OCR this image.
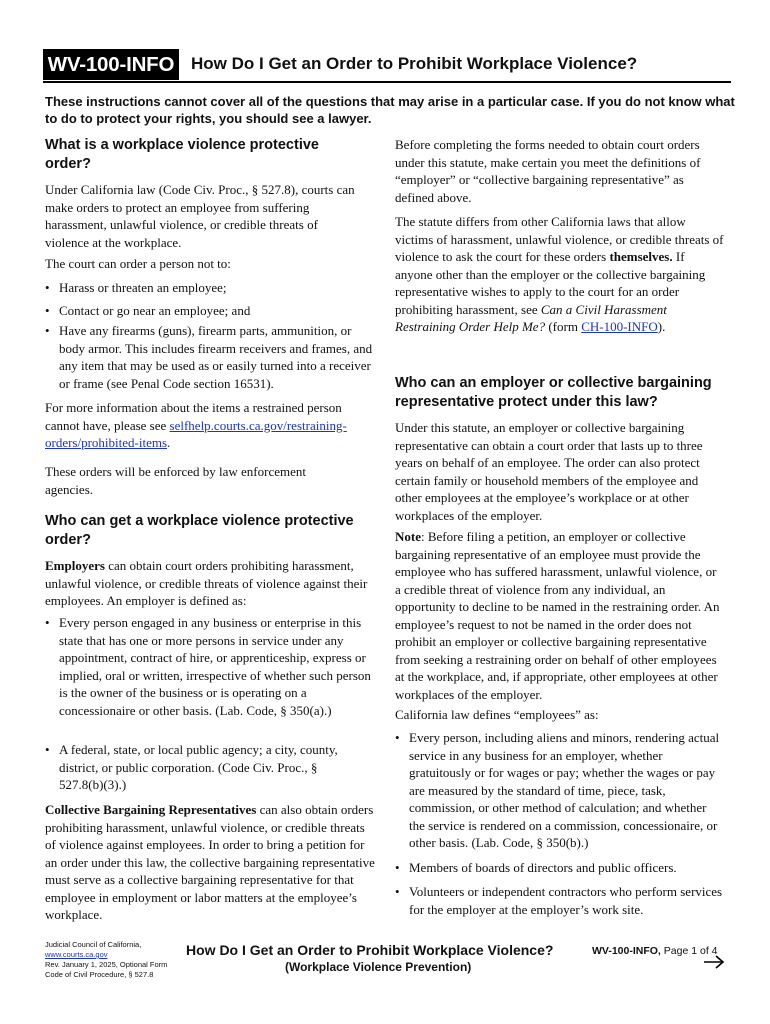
WV-100-INFO How Do I Get an Order to Prohibit Workplace Violence?
These instructions cannot cover all of the questions that may arise in a particular case. If you do not know what to do to protect your rights, you should see a lawyer.
What is a workplace violence protective order?

Under California law (Code Civ. Proc., § 527.8), courts can make orders to protect an employee from suffering harassment, unlawful violence, or credible threats of violence at the workplace.

The court can order a person not to:

• Harass or threaten an employee;
• Contact or go near an employee; and
• Have any firearms (guns), firearm parts, ammunition, or body armor. This includes firearm receivers and frames, and any item that may be used as or easily turned into a receiver or frame (see Penal Code section 16531).

For more information about the items a restrained person cannot have, please see selfhelp.courts.ca.gov/restraining-orders/prohibited-items.

These orders will be enforced by law enforcement agencies.

Who can get a workplace violence protective order?

Employers can obtain court orders prohibiting harassment, unlawful violence, or credible threats of violence against their employees. An employer is defined as:

• Every person engaged in any business or enterprise in this state that has one or more persons in service under any appointment, contract of hire, or apprenticeship, express or implied, oral or written, irrespective of whether such person is the owner of the business or is operating on a concessionaire or other basis. (Lab. Code, § 350(a).)
• A federal, state, or local public agency; a city, county, district, or public corporation. (Code Civ. Proc., § 527.8(b)(3).)

Collective Bargaining Representatives can also obtain orders prohibiting harassment, unlawful violence, or credible threats of violence against employees. In order to bring a petition for an order under this law, the collective bargaining representative must serve as a collective bargaining representative for that employee in employment or labor matters at the employee’s workplace.

Before completing the forms needed to obtain court orders under this statute, make certain you meet the definitions of “employer” or “collective bargaining representative” as defined above.

The statute differs from other California laws that allow victims of harassment, unlawful violence, or credible threats of violence to ask the court for these orders themselves. If anyone other than the employer or the collective bargaining representative wishes to apply to the court for an order prohibiting harassment, see Can a Civil Harassment Restraining Order Help Me? (form CH-100-INFO).

Who can an employer or collective bargaining representative protect under this law?

Under this statute, an employer or collective bargaining representative can obtain a court order that lasts up to three years on behalf of an employee. The order can also protect certain family or household members of the employee and other employees at the employee’s workplace or at other workplaces of the employer.

Note: Before filing a petition, an employer or collective bargaining representative of an employee must provide the employee who has suffered harassment, unlawful violence, or a credible threat of violence from any individual, an opportunity to decline to be named in the restraining order. An employee’s request to not be named in the order does not prohibit an employer or collective bargaining representative from seeking a restraining order on behalf of other employees at the workplace, and, if appropriate, other employees at other workplaces of the employer.

California law defines “employees” as:

• Every person, including aliens and minors, rendering actual service in any business for an employer, whether gratuitously or for wages or pay; whether the wages or pay are measured by the standard of time, piece, task, commission, or other method of calculation; and whether the service is rendered on a commission, concessionaire, or other basis. (Lab. Code, § 350(b).)
• Members of boards of directors and public officers.
• Volunteers or independent contractors who perform services for the employer at the employer’s work site.
Judicial Council of California,
www.courts.ca.gov
Rev. January 1, 2025, Optional Form
Code of Civil Procedure, § 527.8
How Do I Get an Order to Prohibit Workplace Violence?
(Workplace Violence Prevention)
WV-100-INFO, Page 1 of 4
